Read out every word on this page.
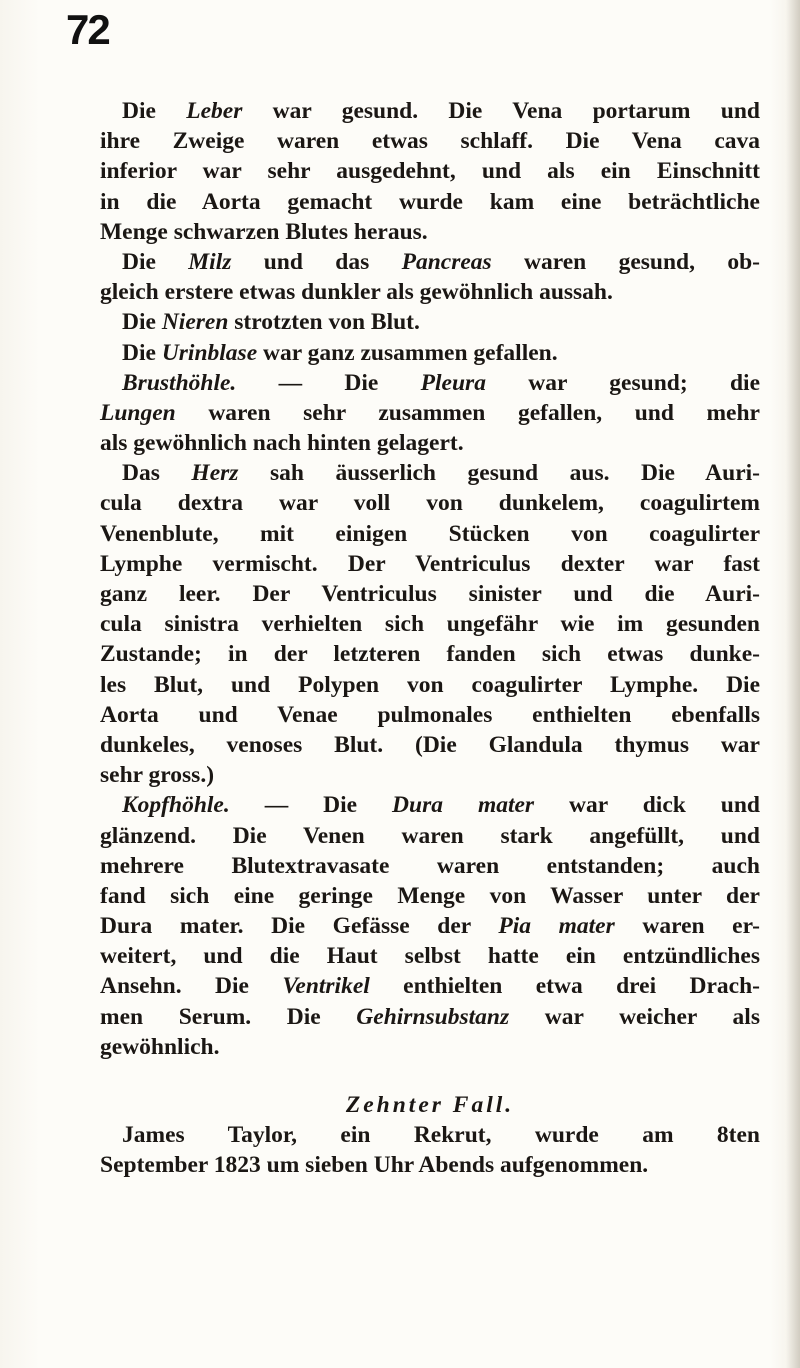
72
Die Leber war gesund. Die Vena portarum und
ihre Zweige waren etwas schlaff. Die Vena cava
inferior war sehr ausgedehnt, und als ein Einschnitt
in die Aorta gemacht wurde kam eine beträchtliche
Menge schwarzen Blutes heraus.
Die Milz und das Pancreas waren gesund, ob-
gleich erstere etwas dunkler als gewöhnlich aussah.
Die Nieren strotzten von Blut.
Die Urinblase war ganz zusammen gefallen.
Brusthöhle. — Die Pleura war gesund; die
Lungen waren sehr zusammen gefallen, und mehr
als gewöhnlich nach hinten gelagert.
Das Herz sah äusserlich gesund aus. Die Auri-
cula dextra war voll von dunkelem, coagulirtem
Venenblute, mit einigen Stücken von coagulirter
Lymphe vermischt. Der Ventriculus dexter war fast
ganz leer. Der Ventriculus sinister und die Auri-
cula sinistra verhielten sich ungefähr wie im gesunden
Zustande; in der letzteren fanden sich etwas dunke-
les Blut, und Polypen von coagulirter Lymphe. Die
Aorta und Venae pulmonales enthielten ebenfalls
dunkeles, venoses Blut. (Die Glandula thymus war
sehr gross.)
Kopfhöhle. — Die Dura mater war dick und
glänzend. Die Venen waren stark angefüllt, und
mehrere Blutextravasate waren entstanden; auch
fand sich eine geringe Menge von Wasser unter der
Dura mater. Die Gefässe der Pia mater waren er-
weitert, und die Haut selbst hatte ein entzündliches
Ansehn. Die Ventrikel enthielten etwa drei Drach-
men Serum. Die Gehirnsubstanz war weicher als
gewöhnlich.
Zehnter Fall.
James Taylor, ein Rekrut, wurde am 8ten
September 1823 um sieben Uhr Abends aufgenommen.
